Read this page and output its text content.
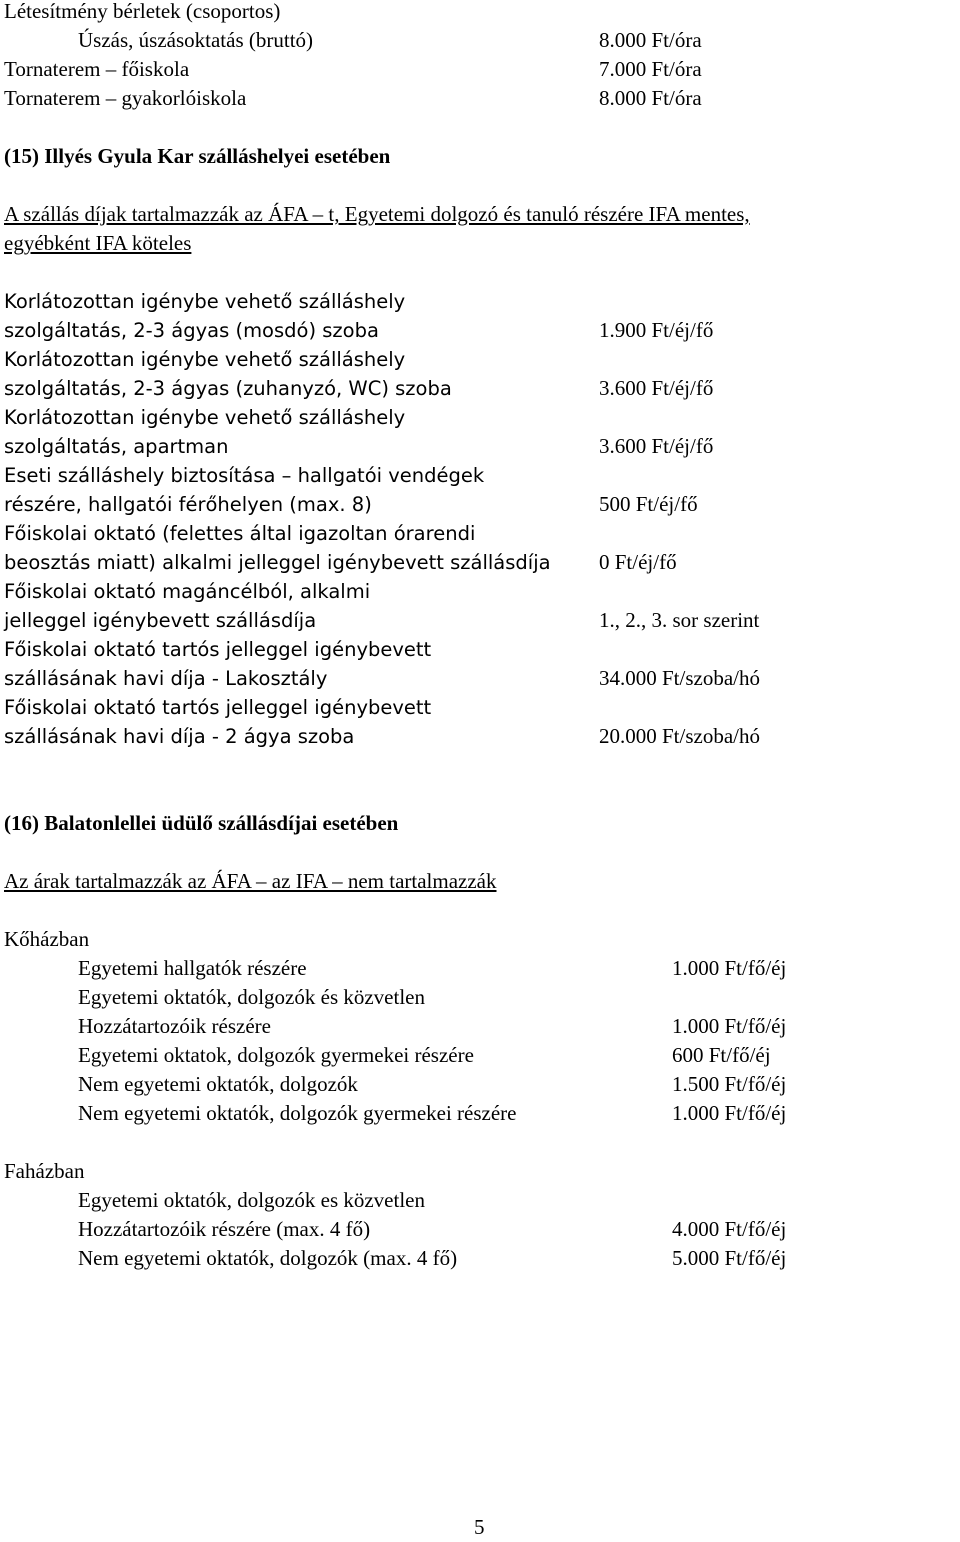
Létesítmény bérletek (csoportos)
Úszás, úszásoktatás (bruttó)	8.000 Ft/óra
Tornaterem – főiskola	7.000 Ft/óra
Tornaterem – gyakorlóiskola	8.000 Ft/óra
(15) Illyés Gyula Kar szálláshelyei esetében
A szállás díjak tartalmazzák az ÁFA – t, Egyetemi dolgozó és tanuló részére IFA mentes,
egyébként IFA köteles
Korlátozottan igénybe vehető szálláshely
szolgáltatás, 2-3 ágyas (mosdó) szoba	1.900 Ft/éj/fő
Korlátozottan igénybe vehető szálláshely
szolgáltatás, 2-3 ágyas (zuhanyzó, WC) szoba	3.600 Ft/éj/fő
Korlátozottan igénybe vehető szálláshely
szolgáltatás, apartman	3.600 Ft/éj/fő
Eseti szálláshely biztosítása – hallgatói vendégek
részére, hallgatói férőhelyen (max. 8)	500 Ft/éj/fő
Főiskolai oktató (felettes által igazoltan órarendi
beosztás miatt) alkalmi jelleggel igénybevett szállásdíja 0 Ft/éj/fő
Főiskolai oktató magáncélból, alkalmi
jelleggel igénybevett szállásdíja	1., 2., 3. sor szerint
Főiskolai oktató tartós jelleggel igénybevett
szállásának havi díja - Lakosztály	34.000 Ft/szoba/hó
Főiskolai oktató tartós jelleggel igénybevett
szállásának havi díja - 2 ágya szoba	20.000 Ft/szoba/hó
(16) Balatonlellei üdülő szállásdíjai esetében
Az árak tartalmazzák az ÁFA – az IFA – nem tartalmazzák
Kőházban
Egyetemi hallgatók részére	1.000 Ft/fő/éj
Egyetemi oktatók, dolgozók és közvetlen
Hozzátartozóik részére	1.000 Ft/fő/éj
Egyetemi oktatok, dolgozók gyermekei részére	600 Ft/fő/éj
Nem egyetemi oktatók, dolgozók	1.500 Ft/fő/éj
Nem egyetemi oktatók, dolgozók gyermekei részére	1.000 Ft/fő/éj
Faházban
Egyetemi oktatók, dolgozók es közvetlen
Hozzátartozóik részére (max. 4 fő)	4.000 Ft/fő/éj
Nem egyetemi oktatók, dolgozók (max. 4 fő)	5.000 Ft/fő/éj
5
